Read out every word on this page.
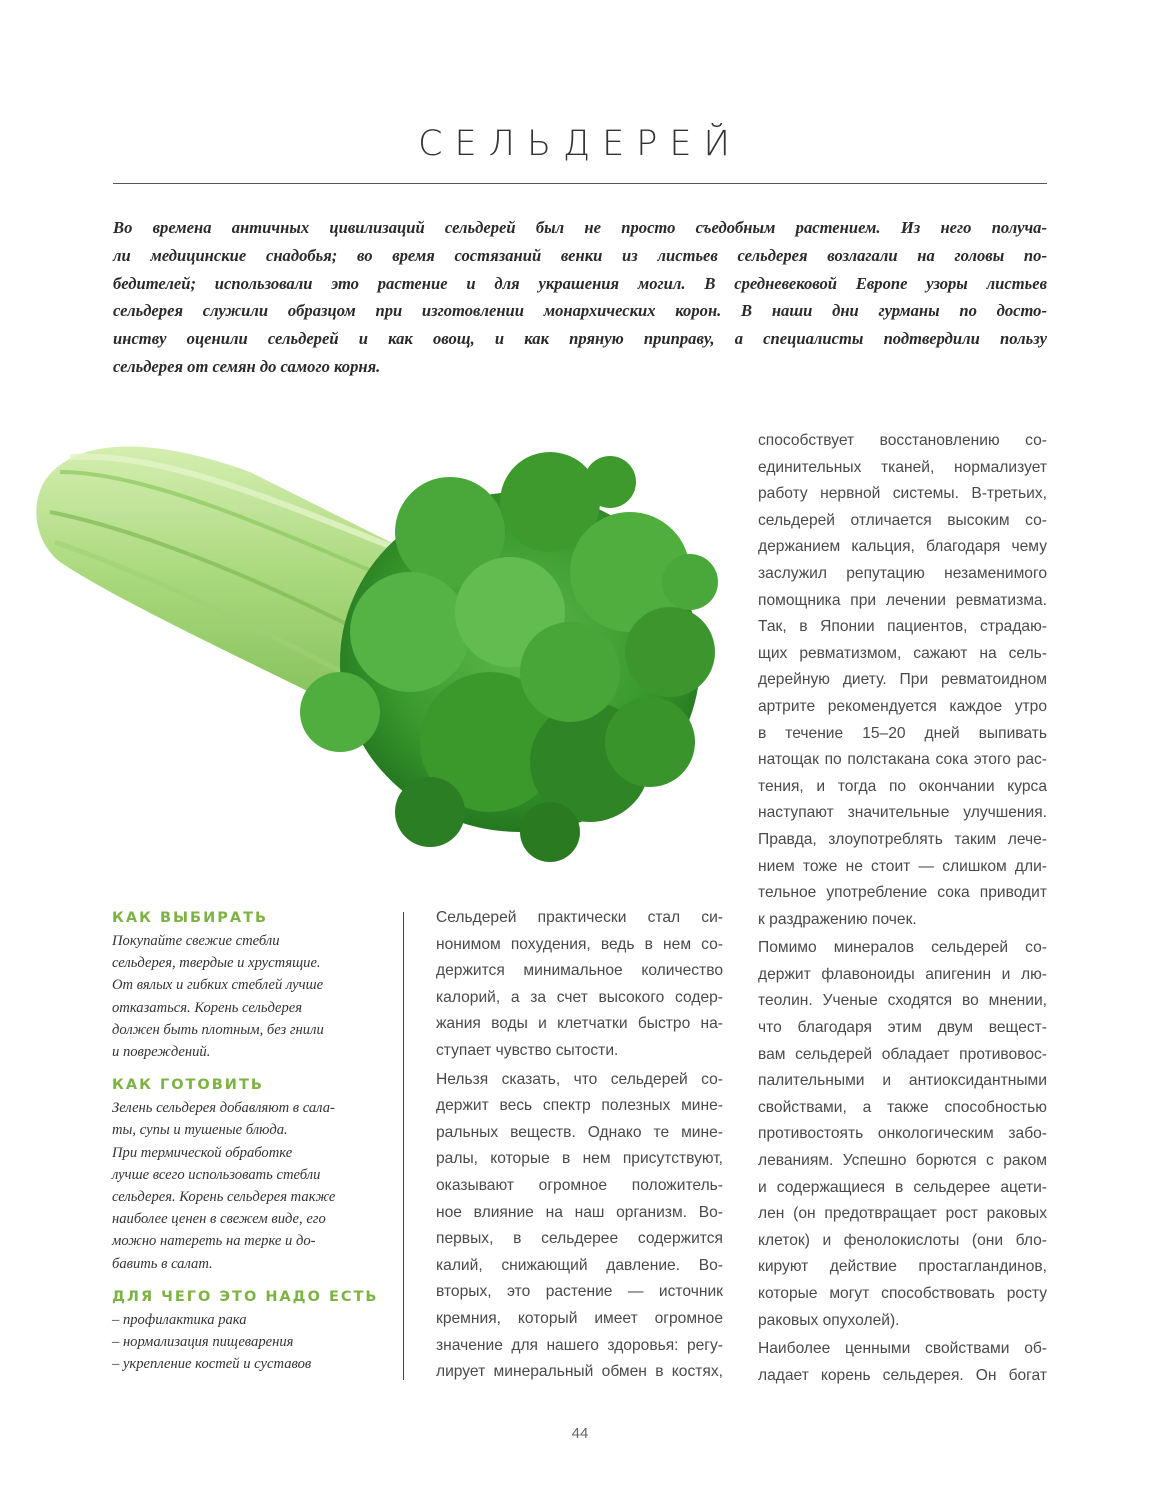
СЕЛЬДЕРЕЙ

Во времена античных цивилизаций сельдерей был не просто съедобным растением. Из него получа-
ли медицинские снадобья; во время состязаний венки из листьев сельдерея возлагали на головы по-
бедителей; использовали это растение и для украшения могил. В средневековой Европе узоры листьев
сельдерея служили образцом при изготовлении монархических корон. В наши дни гурманы по досто-
инству оценили сельдерей и как овощ, и как пряную приправу, а специалисты подтвердили пользу
сельдерея от семян до самого корня.

КАК ВЫБИРАТЬ

Покупайте свежие стебли
сельдерея, твердые и хрустящие.
От вялых и гибких стеблей лучше
отказаться. Корень сельдерея
должен быть плотным, без гнили
и повреждений.

КАК ГОТОВИТЬ

Зелень сельдерея добавляют в сала-
ты, супы и тушеные блюда.
При термической обработке
лучше всего использовать стебли
сельдерея. Корень сельдерея также
наиболее ценен в свежем виде, его
можно натереть на терке и до-
бавить в салат.

ДЛЯ ЧЕГО ЭТО НАДО ЕСТЬ

– профилактика рака
– нормализация пищеварения
– укрепление костей и суставов

Сельдерей практически стал си-
нонимом похудения, ведь в нем со-
держится минимальное количество
калорий, а за счет высокого содер-
жания воды и клетчатки быстро на-
ступает чувство сытости.
Нельзя сказать, что сельдерей со-
держит весь спектр полезных мине-
ральных веществ. Однако те мине-
ралы, которые в нем присутствуют,
оказывают огромное положитель-
ное влияние на наш организм. Во-
первых, в сельдерее содержится
калий, снижающий давление. Во-
вторых, это растение — источник
кремния, который имеет огромное
значение для нашего здоровья: регу-
лирует минеральный обмен в костях,

способствует восстановлению со-
единительных тканей, нормализует
работу нервной системы. В-третьих,
сельдерей отличается высоким со-
держанием кальция, благодаря чему
заслужил репутацию незаменимого
помощника при лечении ревматизма.
Так, в Японии пациентов, страдаю-
щих ревматизмом, сажают на сель-
дерейную диету. При ревматоидном
артрите рекомендуется каждое утро
в течение 15–20 дней выпивать
натощак по полстакана сока этого рас-
тения, и тогда по окончании курса
наступают значительные улучшения.
Правда, злоупотреблять таким лече-
нием тоже не стоит — слишком дли-
тельное употребление сока приводит
к раздражению почек.
Помимо минералов сельдерей со-
держит флавоноиды апигенин и лю-
теолин. Ученые сходятся во мнении,
что благодаря этим двум вещест-
вам сельдерей обладает противовос-
палительными и антиоксидантными
свойствами, а также способностью
противостоять онкологическим забо-
леваниям. Успешно борются с раком
и содержащиеся в сельдерее ацети-
лен (он предотвращает рост раковых
клеток) и фенолокислоты (они бло-
кируют действие простагландинов,
которые могут способствовать росту
раковых опухолей).
Наиболее ценными свойствами об-
ладает корень сельдерея. Он богат

44
